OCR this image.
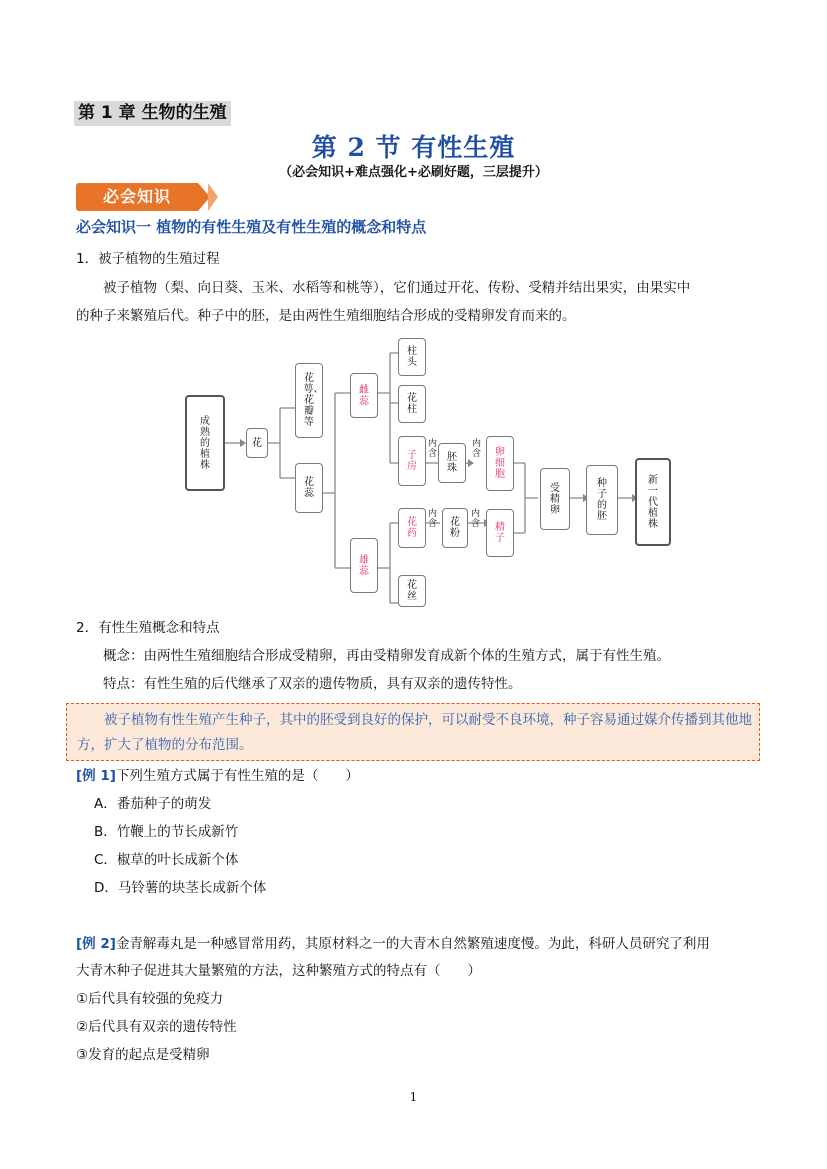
第 1 章 生物的生殖
第 2 节 有性生殖
（必会知识+难点强化+必刷好题，三层提升）
必会知识
必会知识一 植物的有性生殖及有性生殖的概念和特点
1．被子植物的生殖过程
被子植物（梨、向日葵、玉米、水稻等和桃等），它们通过开花、传粉、受精并结出果实，由果实中
的种子来繁殖后代。种子中的胚，是由两性生殖细胞结合形成的受精卵发育而来的。
成熟的植株
花
花萼、花瓣等
花蕊
雌蕊
柱头
花柱
子房
内含 胚珠
内含 卵细胞
雄蕊
花药
内含 花粉
内含 精子
花丝
受精卵
种子的胚
新一代植株
2．有性生殖概念和特点
概念：由两性生殖细胞结合形成受精卵，再由受精卵发育成新个体的生殖方式，属于有性生殖。
特点：有性生殖的后代继承了双亲的遗传物质，具有双亲的遗传特性。
被子植物有性生殖产生种子，其中的胚受到良好的保护，可以耐受不良环境，种子容易通过媒介传播到其他地方，扩大了植物的分布范围。
[例 1]下列生殖方式属于有性生殖的是（　　）
A．番茄种子的萌发
B．竹鞭上的节长成新竹
C．椒草的叶长成新个体
D．马铃薯的块茎长成新个体
[例 2]金青解毒丸是一种感冒常用药，其原材料之一的大青木自然繁殖速度慢。为此，科研人员研究了利用
大青木种子促进其大量繁殖的方法，这种繁殖方式的特点有（　　）
①后代具有较强的免疫力
②后代具有双亲的遗传特性
③发育的起点是受精卵
1
